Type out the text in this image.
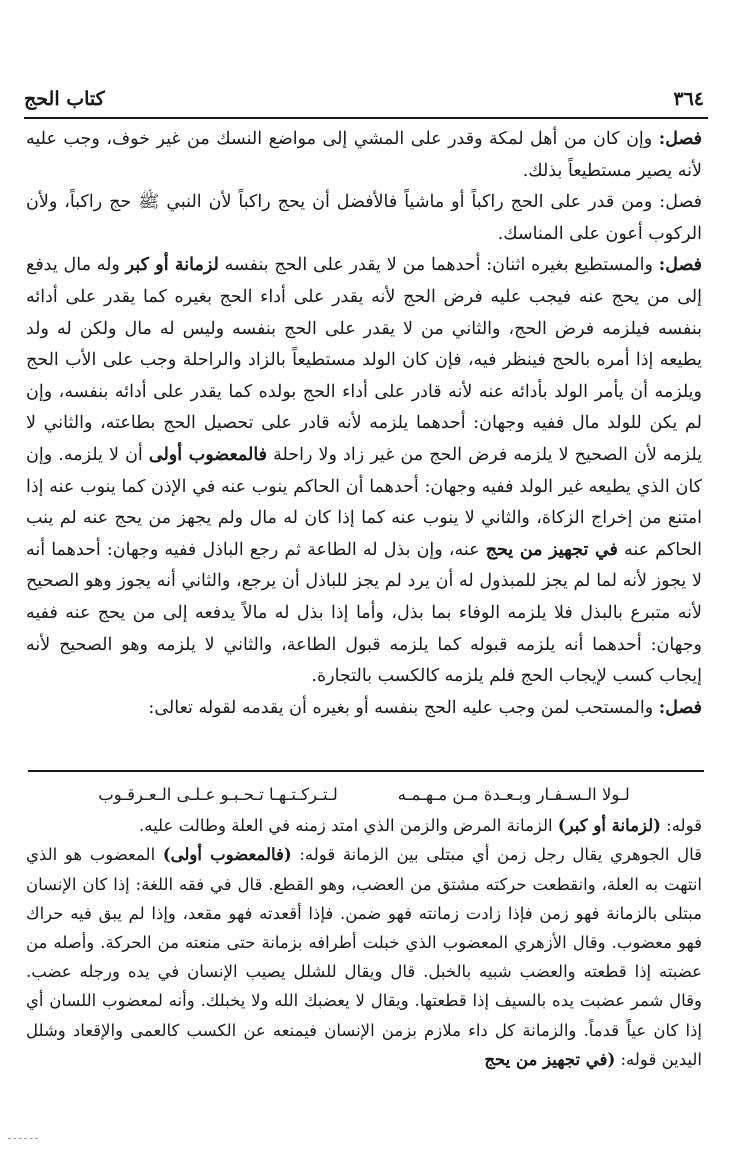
٣٦٤
كتاب الحج

فصل: وإن كان من أهل لمكة وقدر على المشي إلى مواضع النسك من غير خوف، وجب عليه لأنه يصير مستطيعاً بذلك.

فصل: ومن قدر على الحج راكباً أو ماشياً فالأفضل أن يحج راكباً لأن النبي ﷺ حج راكباً، ولأن الركوب أعون على المناسك.

فصل: والمستطيع بغيره اثنان: أحدهما من لا يقدر على الحج بنفسه لزمانة أو كبر وله مال يدفع إلى من يحج عنه فيجب عليه فرض الحج لأنه يقدر على أداء الحج بغيره كما يقدر على أدائه بنفسه فيلزمه فرض الحج، والثاني من لا يقدر على الحج بنفسه وليس له مال ولكن له ولد يطيعه إذا أمره بالحج فينظر فيه، فإن كان الولد مستطيعاً بالزاد والراحلة وجب على الأب الحج ويلزمه أن يأمر الولد بأدائه عنه لأنه قادر على أداء الحج بولده كما يقدر على أدائه بنفسه، وإن لم يكن للولد مال ففيه وجهان: أحدهما يلزمه لأنه قادر على تحصيل الحج بطاعته، والثاني لا يلزمه لأن الصحيح لا يلزمه فرض الحج من غير زاد ولا راحلة فالمعضوب أولى أن لا يلزمه. وإن كان الذي يطيعه غير الولد ففيه وجهان: أحدهما أن الحاكم ينوب عنه في الإذن كما ينوب عنه إذا امتنع من إخراج الزكاة، والثاني لا ينوب عنه كما إذا كان له مال ولم يجهز من يحج عنه لم ينب الحاكم عنه في تجهيز من يحج عنه، وإن بذل له الطاعة ثم رجع الباذل ففيه وجهان: أحدهما أنه لا يجوز لأنه لما لم يجز للمبذول له أن يرد لم يجز للباذل أن يرجع، والثاني أنه يجوز وهو الصحيح لأنه متبرع بالبذل فلا يلزمه الوفاء بما بذل، وأما إذا بذل له مالاً يدفعه إلى من يحج عنه ففيه وجهان: أحدهما أنه يلزمه قبوله كما يلزمه قبول الطاعة، والثاني لا يلزمه وهو الصحيح لأنه إيجاب كسب لإيجاب الحج فلم يلزمه كالكسب بالتجارة.

فصل: والمستحب لمن وجب عليه الحج بنفسه أو بغيره أن يقدمه لقوله تعالى:

لـولا الـسـفـار وبـعـدة مـن مـهـمـه
لـتـركـتـهـا تـحـبـو عـلـى الـعـرقـوب

قوله: (لزمانة أو كبر) الزمانة المرض والزمن الذي امتد زمنه في العلة وطالت عليه.

قال الجوهري يقال رجل زمن أي مبتلى بين الزمانة قوله: (فالمعضوب أولى) المعضوب هو الذي انتهت به العلة، وانقطعت حركته مشتق من العضب، وهو القطع. قال في فقه اللغة: إذا كان الإنسان مبتلى بالزمانة فهو زمن فإذا زادت زمانته فهو ضمن. فإذا أقعدته فهو مقعد، وإذا لم يبق فيه حراك فهو معضوب. وقال الأزهري المعضوب الذي خبلت أطرافه بزمانة حتى منعته من الحركة. وأصله من عضبته إذا قطعته والعضب شبيه بالخبل. قال ويقال للشلل يصيب الإنسان في يده ورجله عضب. وقال شمر عضبت يده بالسيف إذا قطعتها. ويقال لا يعضبك الله ولا يخبلك. وأنه لمعضوب اللسان أي إذا كان عياً قدماً. والزمانة كل داء ملازم بزمن الإنسان فيمنعه عن الكسب كالعمى والإقعاد وشلل اليدين قوله: (في تجهيز من يحج
